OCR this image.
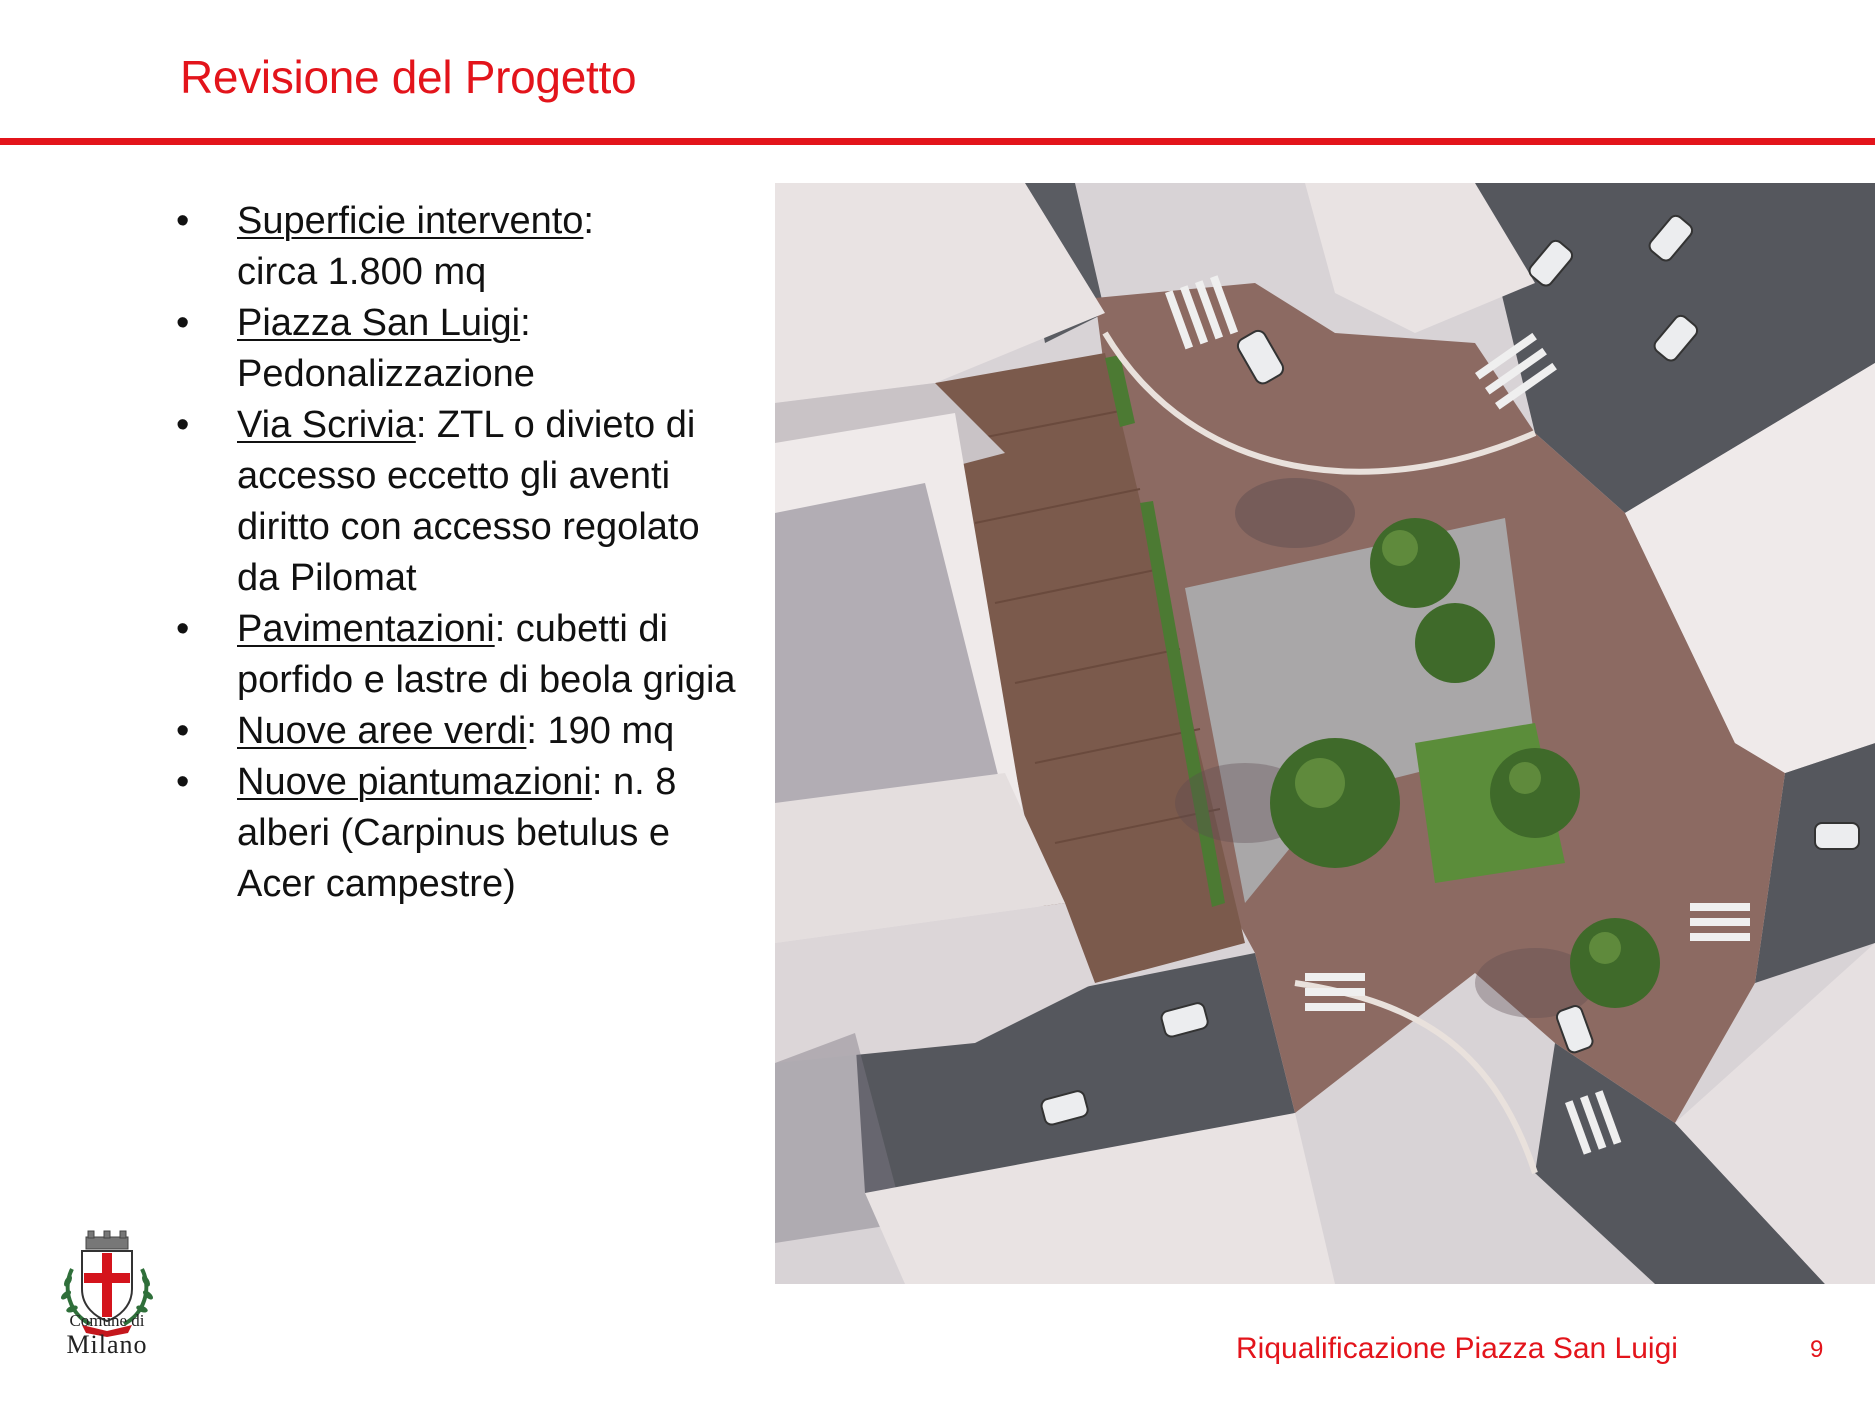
Revisione del Progetto
• Superficie intervento:
circa 1.800 mq
• Piazza San Luigi:
Pedonalizzazione
• Via Scrivia: ZTL o divieto di
accesso eccetto gli aventi
diritto con accesso regolato
da Pilomat
• Pavimentazioni: cubetti di
porfido e lastre di beola grigia
• Nuove aree verdi: 190 mq
• Nuove piantumazioni: n. 8
alberi (Carpinus betulus e
Acer campestre)
Comune di
Milano	Riqualificazione Piazza San Luigi	9
